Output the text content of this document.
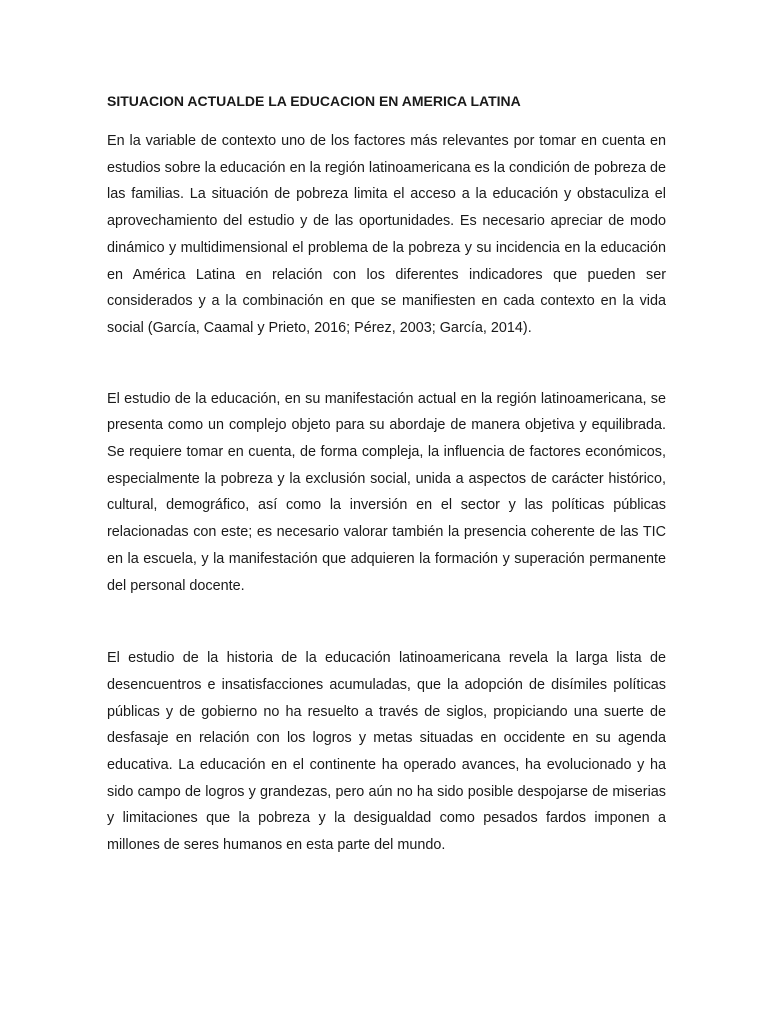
SITUACION ACTUALDE LA EDUCACION EN AMERICA LATINA

En la variable de contexto uno de los factores más relevantes por tomar en cuenta en estudios sobre la educación en la región latinoamericana es la condición de pobreza de las familias. La situación de pobreza limita el acceso a la educación y obstaculiza el aprovechamiento del estudio y de las oportunidades. Es necesario apreciar de modo dinámico y multidimensional el problema de la pobreza y su incidencia en la educación en América Latina en relación con los diferentes indicadores que pueden ser considerados y a la combinación en que se manifiesten en cada contexto en la vida social (García, Caamal y Prieto, 2016; Pérez, 2003; García, 2014).

El estudio de la educación, en su manifestación actual en la región latinoamericana, se presenta como un complejo objeto para su abordaje de manera objetiva y equilibrada. Se requiere tomar en cuenta, de forma compleja, la influencia de factores económicos, especialmente la pobreza y la exclusión social, unida a aspectos de carácter histórico, cultural, demográfico, así como la inversión en el sector y las políticas públicas relacionadas con este; es necesario valorar también la presencia coherente de las TIC en la escuela, y la manifestación que adquieren la formación y superación permanente del personal docente.

El estudio de la historia de la educación latinoamericana revela la larga lista de desencuentros e insatisfacciones acumuladas, que la adopción de disímiles políticas públicas y de gobierno no ha resuelto a través de siglos, propiciando una suerte de desfasaje en relación con los logros y metas situadas en occidente en su agenda educativa. La educación en el continente ha operado avances, ha evolucionado y ha sido campo de logros y grandezas, pero aún no ha sido posible despojarse de miserias y limitaciones que la pobreza y la desigualdad como pesados fardos imponen a millones de seres humanos en esta parte del mundo.
